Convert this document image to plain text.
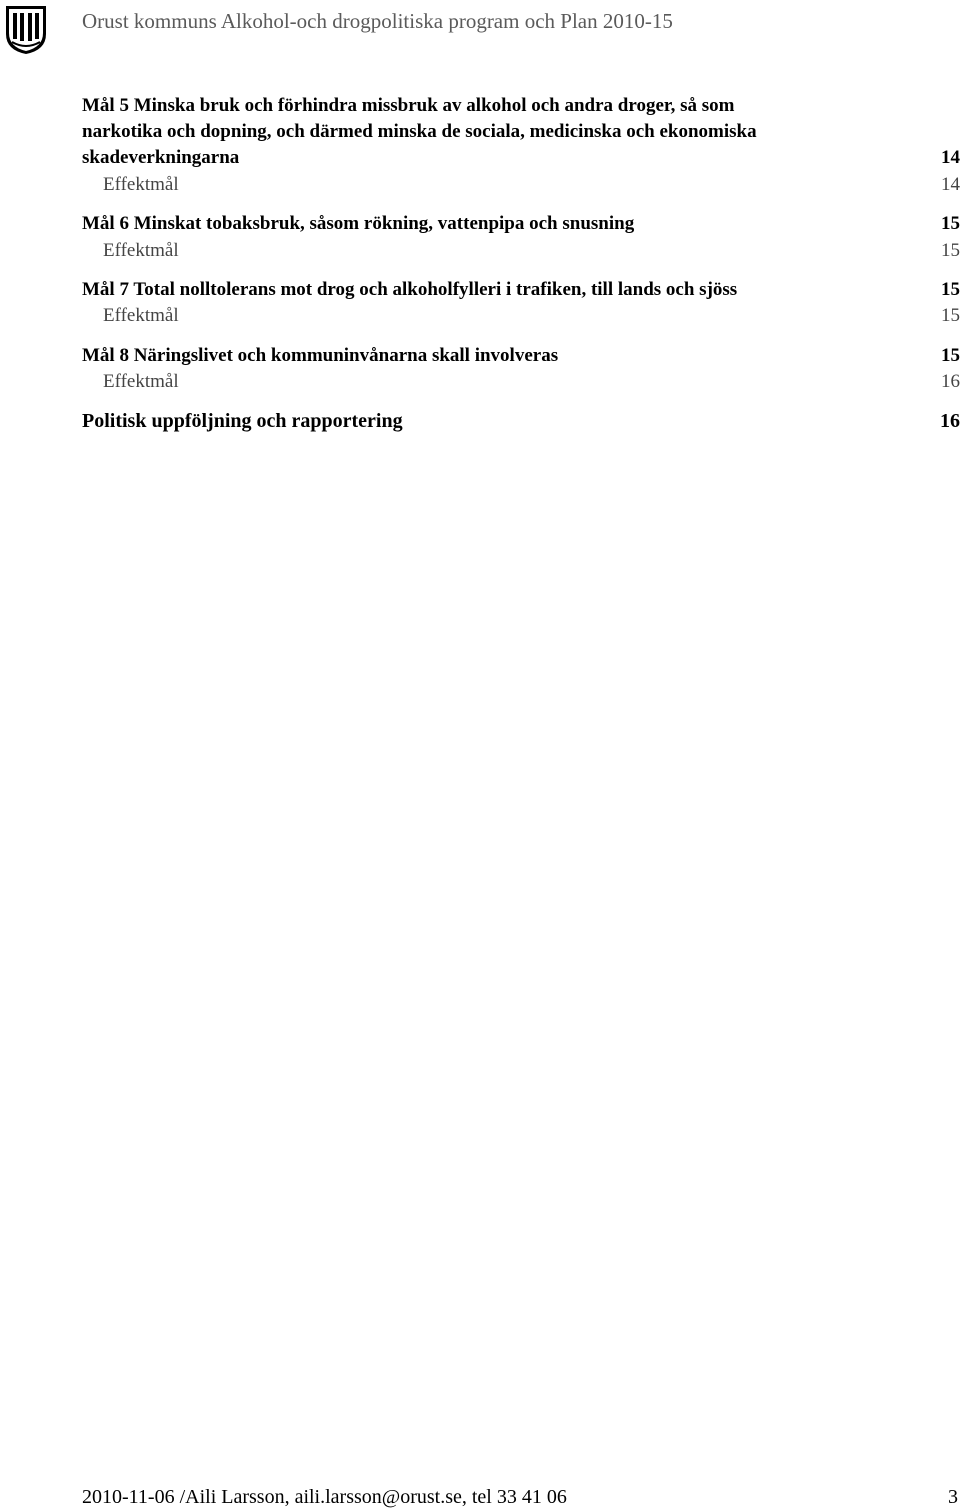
Orust kommuns Alkohol-och drogpolitiska program och Plan 2010-15
Mål 5 Minska bruk och förhindra missbruk av alkohol och andra droger, så som
narkotika och dopning, och därmed minska de sociala, medicinska och ekonomiska
skadeverkningarna	14
Effektmål	14
Mål 6 Minskat tobaksbruk, såsom rökning, vattenpipa och snusning	15
Effektmål	15
Mål 7 Total nolltolerans mot drog och alkoholfylleri i trafiken, till lands och sjöss	15
Effektmål	15
Mål 8 Näringslivet och kommuninvånarna skall involveras	15
Effektmål	16
Politisk uppföljning och rapportering	16
2010-11-06 /Aili Larsson, aili.larsson@orust.se, tel 33 41 06	3
